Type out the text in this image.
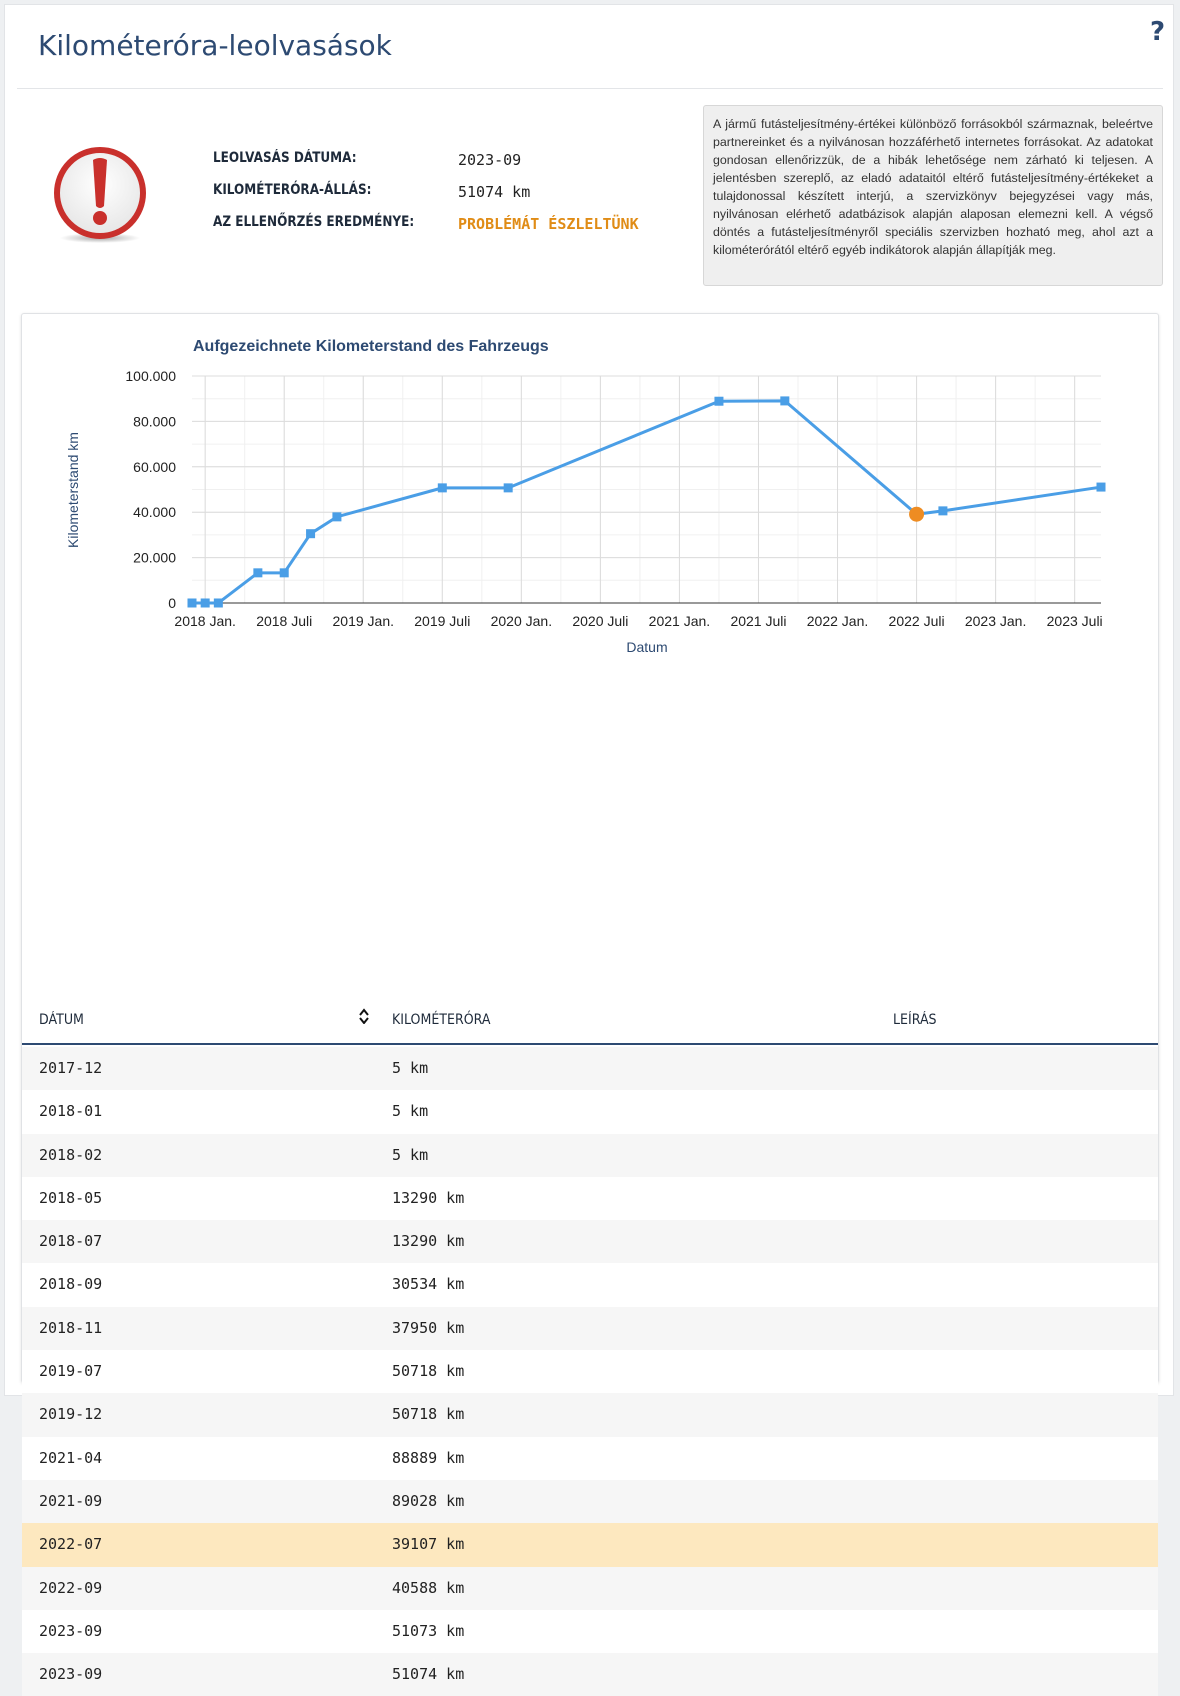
Kilométeróra-leolvasások	?
LEOLVASÁS DÁTUMA:	2023-09
KILOMÉTERÓRA-ÁLLÁS:	51074 km
AZ ELLENŐRZÉS EREDMÉNYE:	PROBLÉMÁT ÉSZLELTÜNK
A jármű futásteljesítmény-értékei különböző forrásokból származnak, beleértve partnereinket és a nyilvánosan hozzáférhető internetes forrásokat. Az adatokat gondosan ellenőrizzük, de a hibák lehetősége nem zárható ki teljesen. A jelentésben szereplő, az eladó adataitól eltérő futásteljesítmény-értékeket a tulajdonossal készített interjú, a szervizkönyv bejegyzései vagy más, nyilvánosan elérhető adatbázisok alapján alaposan elemezni kell. A végső döntés a futásteljesítményről speciális szervizben hozható meg, ahol azt a kilométerórától eltérő egyéb indikátorok alapján állapítják meg.
0
20.000
40.000
60.000
80.000
100.000
2018 Jan. 2018 Juli 2019 Jan. 2019 Juli 2020 Jan. 2020 Juli 2021 Jan. 2021 Juli 2022 Jan. 2022 Juli 2023 Jan. 2023 Juli
Aufgezeichnete Kilometerstand des Fahrzeugs
Datum
Kilometerstand km
DÁTUM	KILOMÉTERÓRA	LEÍRÁS
2017-12	5 km
2018-01	5 km
2018-02	5 km
2018-05	13290 km
2018-07	13290 km
2018-09	30534 km
2018-11	37950 km
2019-07	50718 km
2019-12	50718 km
2021-04	88889 km
2021-09	89028 km
2022-07	39107 km
2022-09	40588 km
2023-09	51073 km
2023-09	51074 km
